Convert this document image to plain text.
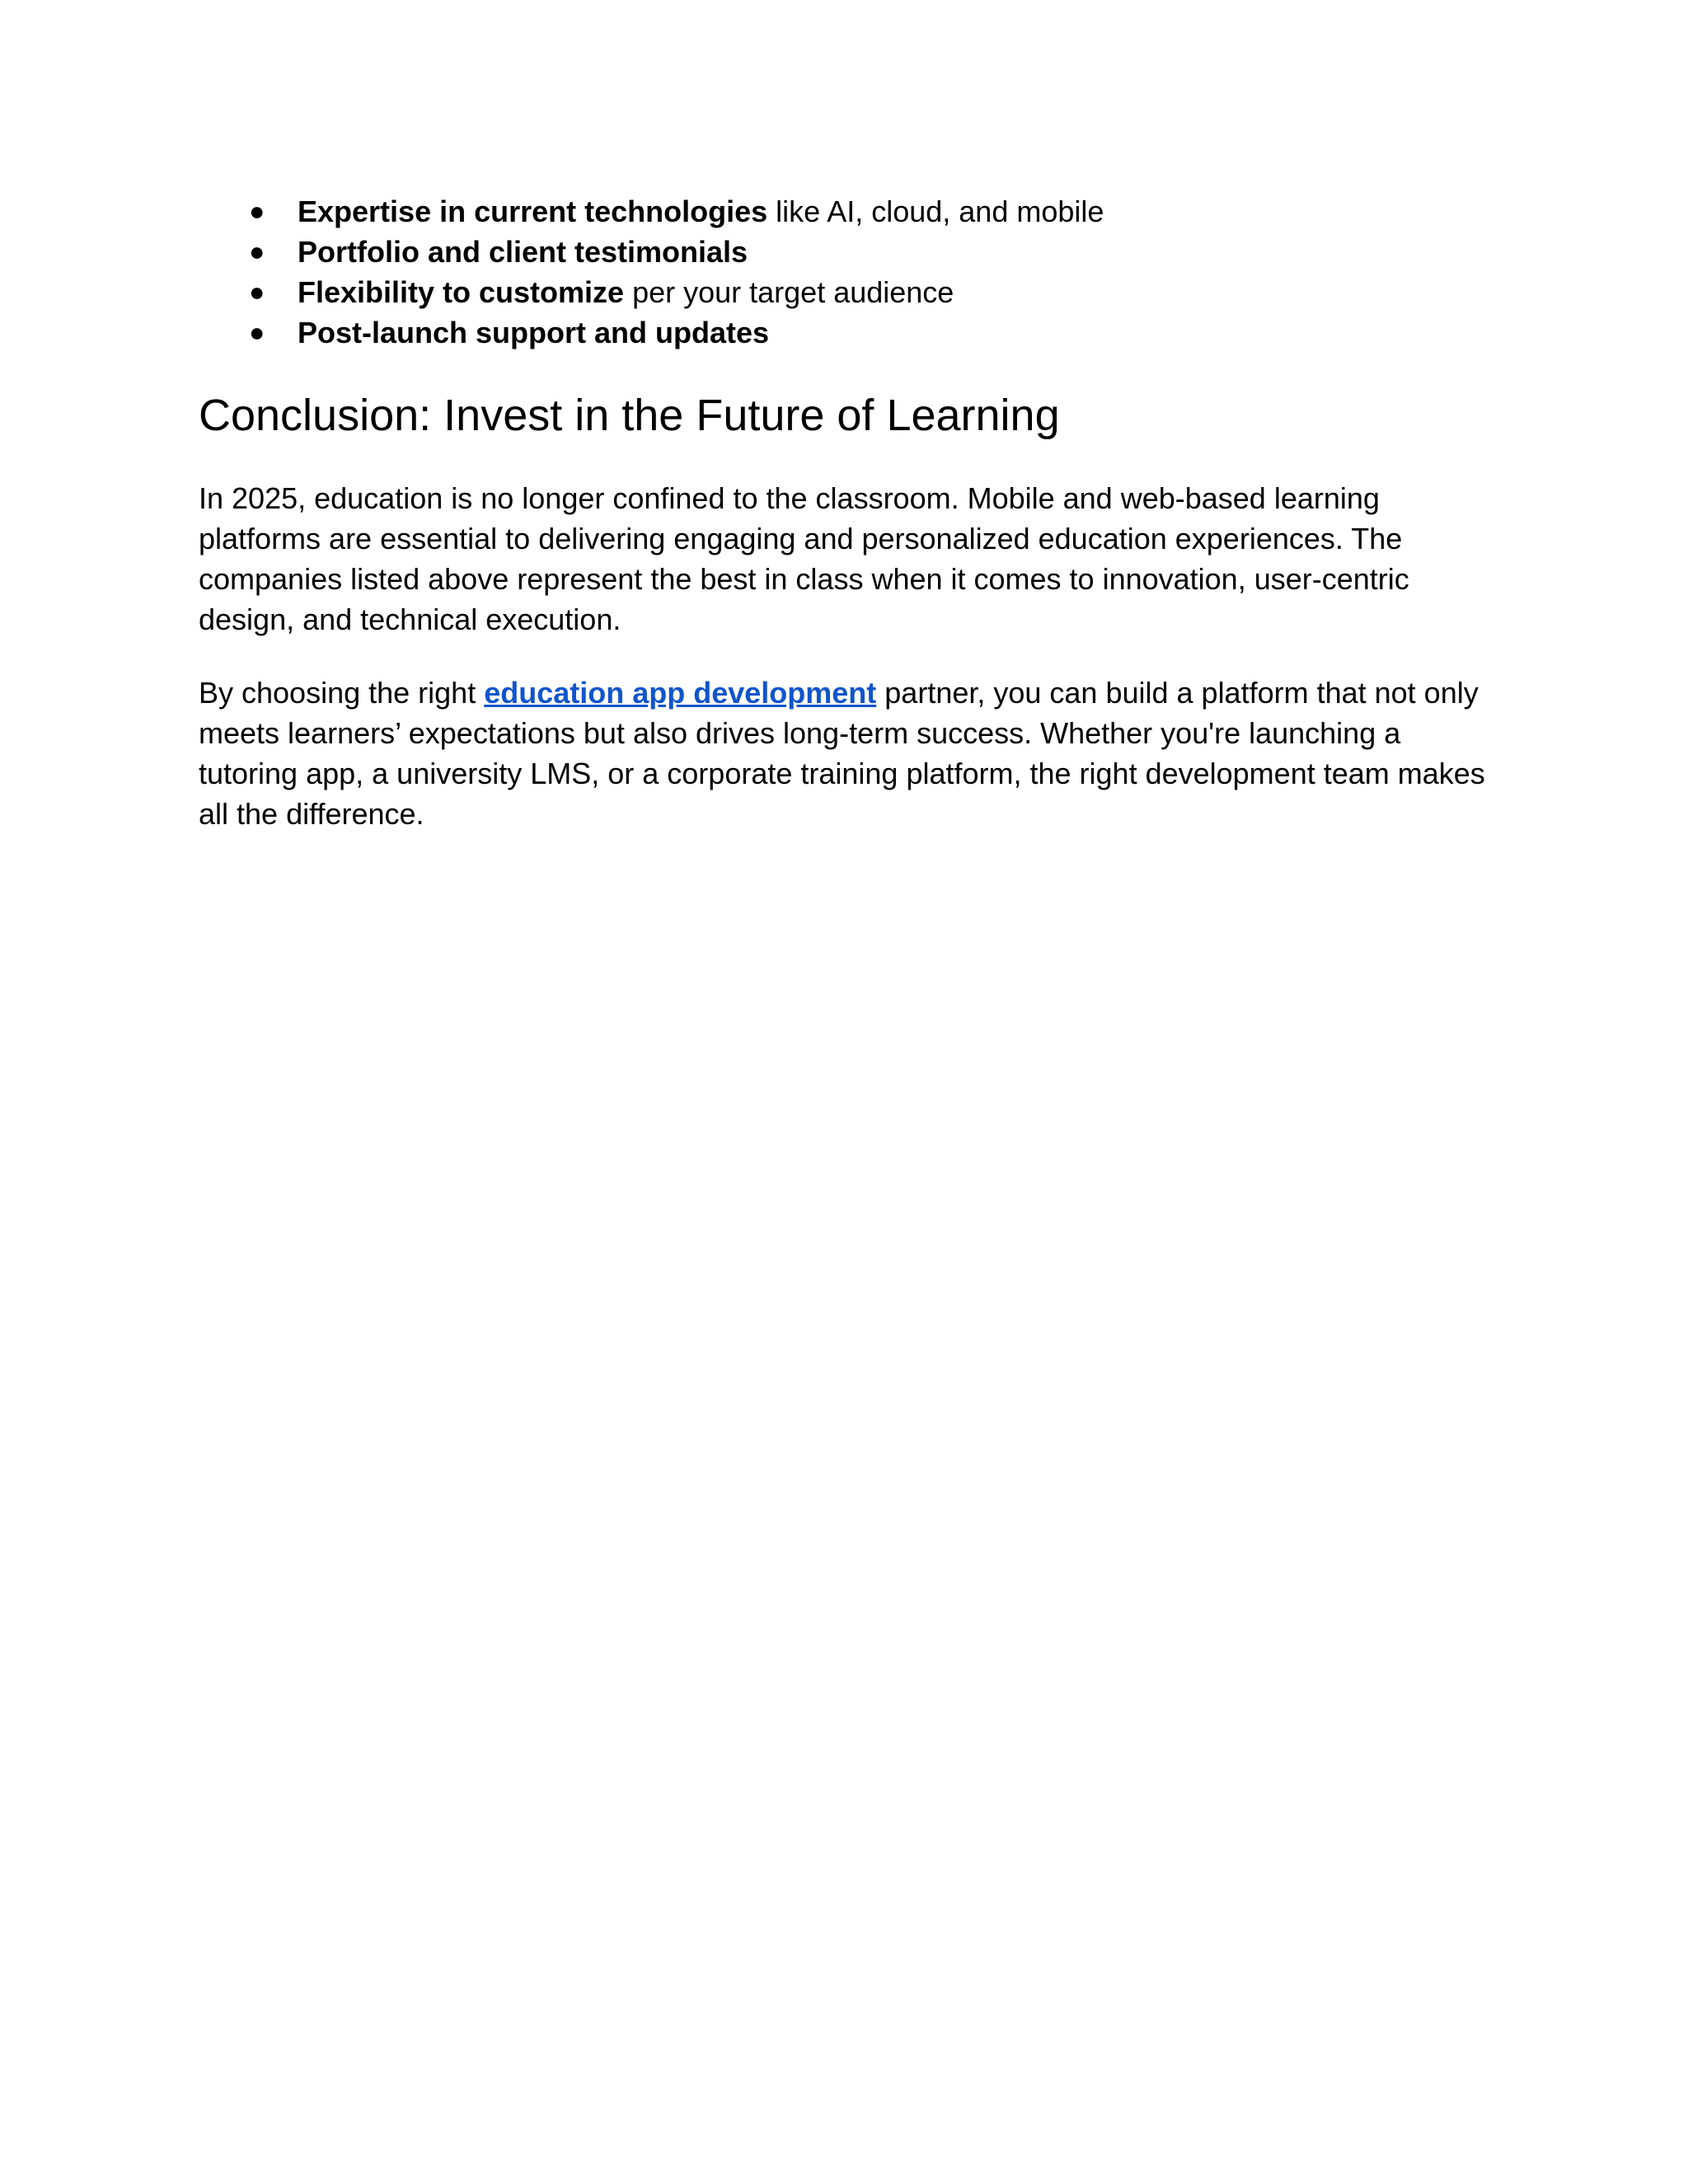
● Expertise in current technologies like AI, cloud, and mobile
● Portfolio and client testimonials
● Flexibility to customize per your target audience
● Post-launch support and updates
Conclusion: Invest in the Future of Learning

In 2025, education is no longer confined to the classroom. Mobile and web-based learning platforms are essential to delivering engaging and personalized education experiences. The companies listed above represent the best in class when it comes to innovation, user-centric design, and technical execution.

By choosing the right education app development partner, you can build a platform that not only meets learners’ expectations but also drives long-term success. Whether you're launching a tutoring app, a university LMS, or a corporate training platform, the right development team makes all the difference.
